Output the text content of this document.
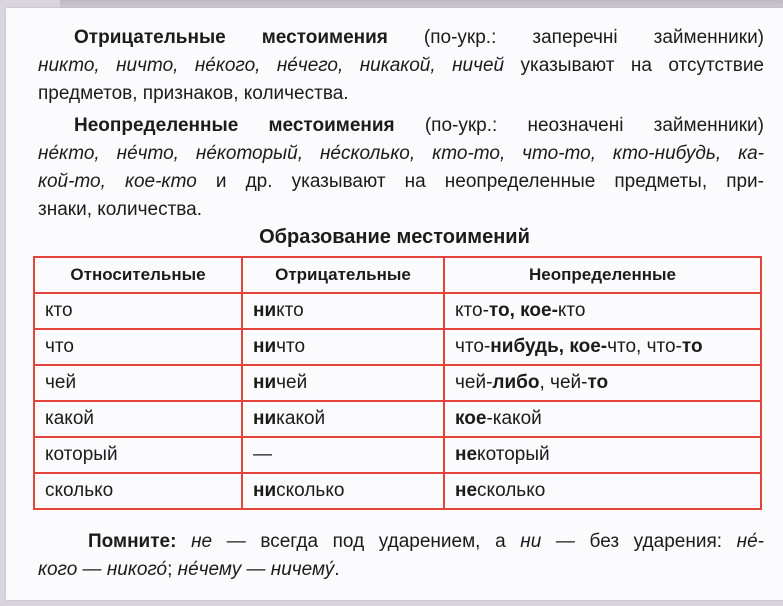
Отрицательные местоимения (по-укр.: заперечні займенники)
никто, ничто, не́кого, не́чего, никакой, ничей указывают на отсутствие
предметов, признаков, количества.
Неопределенные местоимения (по-укр.: неозначені займенники)
не́кто, не́что, не́который, не́сколько, кто-то, что-то, кто-нибудь, ка-
кой-то, кое-кто и др. указывают на неопределенные предметы, при-
знаки, количества.
Образование местоимений
Относительные	Отрицательные	Неопределенные
кто	никто	кто-то, кое-кто
что	ничто	что-нибудь, кое-что, что-то
чей	ничей	чей-либо, чей-то
какой	никакой	кое-какой
который	—	некоторый
сколько	нисколько	несколько
Помните: не — всегда под ударением, а ни — без ударения: не́-
кого — никого́; не́чему — ничему́.
